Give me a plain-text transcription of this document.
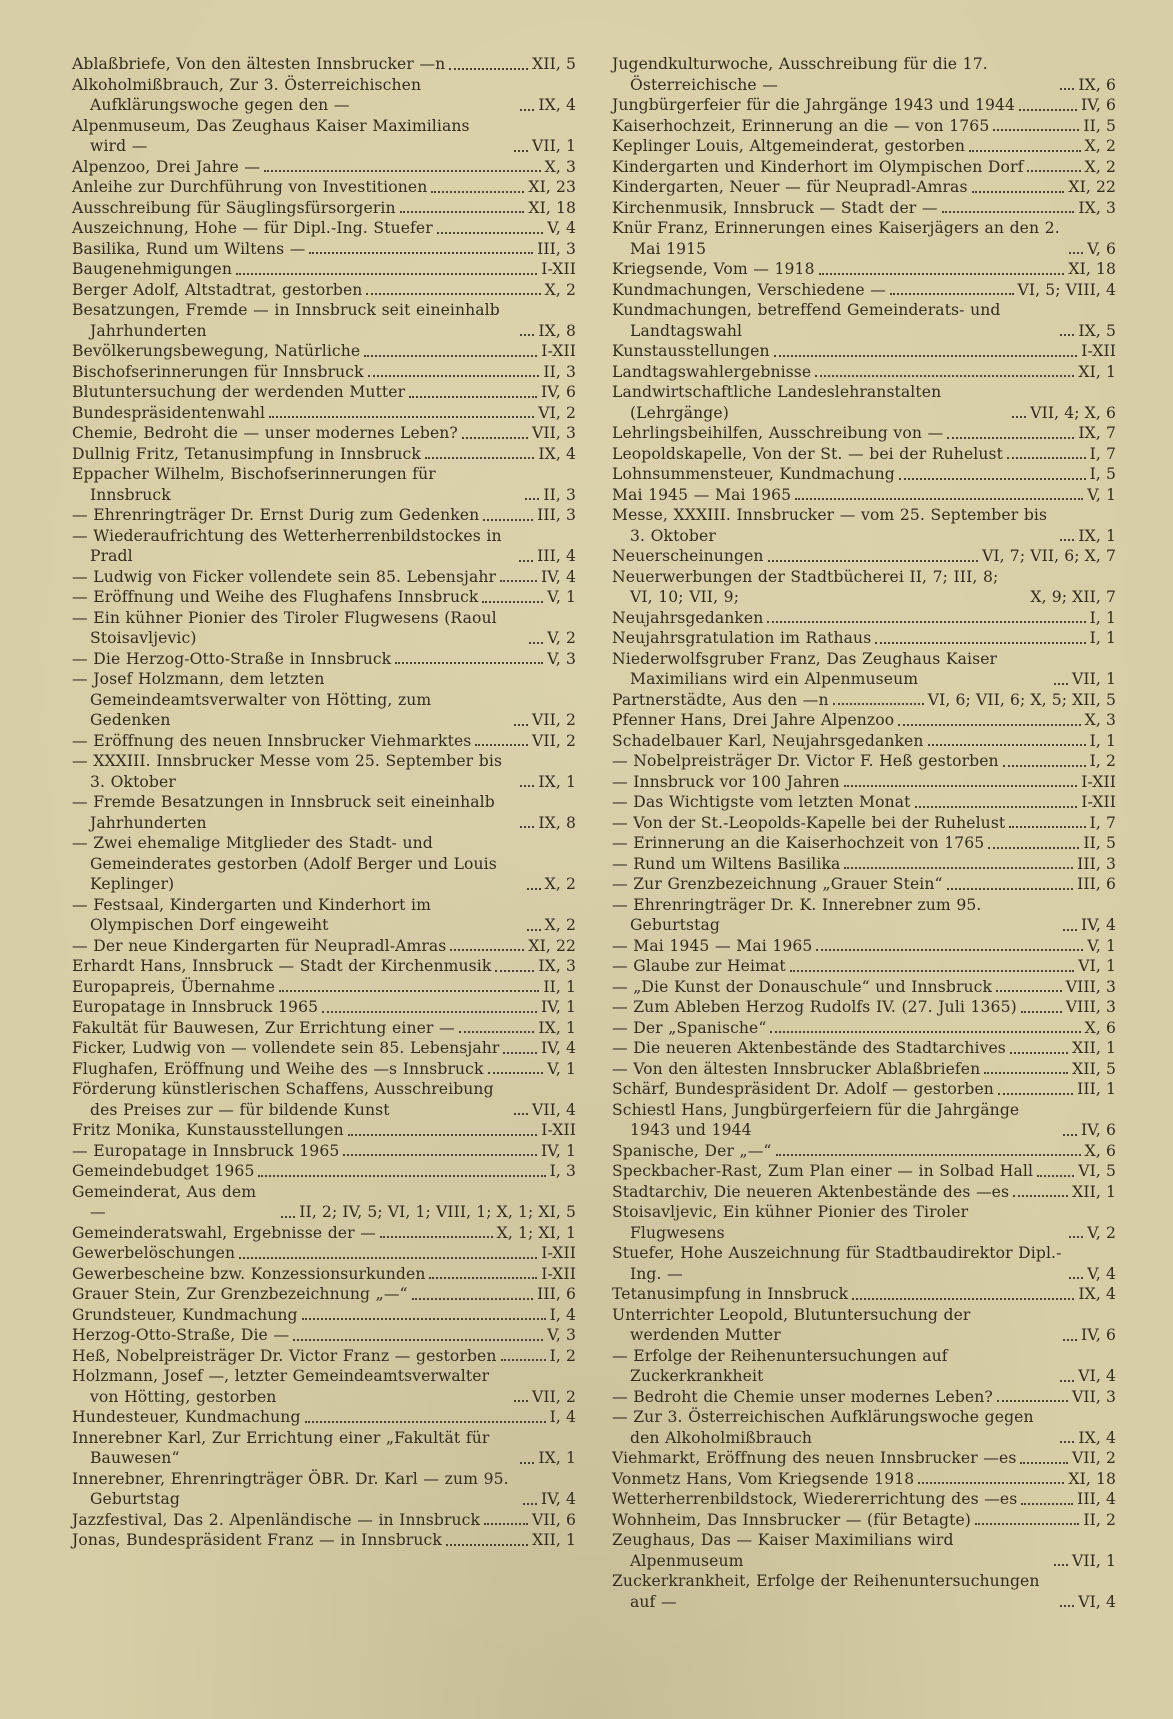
Ablaßbriefe, Von den ältesten Innsbrucker —n	XII, 5
Alkoholmißbrauch, Zur 3. Österreichischen Aufklärungswoche gegen den —	IX, 4
Alpenmuseum, Das Zeughaus Kaiser Maximilians wird —	VII, 1
Alpenzoo, Drei Jahre —	X, 3
Anleihe zur Durchführung von Investitionen	XI, 23
Ausschreibung für Säuglingsfürsorgerin	XI, 18
Auszeichnung, Hohe — für Dipl.-Ing. Stuefer	V, 4
Basilika, Rund um Wiltens —	III, 3
Baugenehmigungen	I-XII
Berger Adolf, Altstadtrat, gestorben	X, 2
Besatzungen, Fremde — in Innsbruck seit eineinhalb Jahrhunderten	IX, 8
Bevölkerungsbewegung, Natürliche	I-XII
Bischofserinnerungen für Innsbruck	II, 3
Blutuntersuchung der werdenden Mutter	IV, 6
Bundespräsidentenwahl	VI, 2
Chemie, Bedroht die — unser modernes Leben?	VII, 3
Dullnig Fritz, Tetanusimpfung in Innsbruck	IX, 4
Eppacher Wilhelm, Bischofserinnerungen für Innsbruck	II, 3
— Ehrenringträger Dr. Ernst Durig zum Gedenken	III, 3
— Wiederaufrichtung des Wetterherrenbildstockes in Pradl	III, 4
— Ludwig von Ficker vollendete sein 85. Lebensjahr	IV, 4
— Eröffnung und Weihe des Flughafens Innsbruck	V, 1
— Ein kühner Pionier des Tiroler Flugwesens (Raoul Stoisavljevic)	V, 2
— Die Herzog-Otto-Straße in Innsbruck	V, 3
— Josef Holzmann, dem letzten Gemeindeamtsverwalter von Hötting, zum Gedenken	VII, 2
— Eröffnung des neuen Innsbrucker Viehmarktes	VII, 2
— XXXIII. Innsbrucker Messe vom 25. September bis 3. Oktober	IX, 1
— Fremde Besatzungen in Innsbruck seit eineinhalb Jahrhunderten	IX, 8
— Zwei ehemalige Mitglieder des Stadt- und Gemeinderates gestorben (Adolf Berger und Louis Keplinger)	X, 2
— Festsaal, Kindergarten und Kinderhort im Olympischen Dorf eingeweiht	X, 2
— Der neue Kindergarten für Neupradl-Amras	XI, 22
Erhardt Hans, Innsbruck — Stadt der Kirchenmusik	IX, 3
Europapreis, Übernahme	II, 1
Europatage in Innsbruck 1965	IV, 1
Fakultät für Bauwesen, Zur Errichtung einer —	IX, 1
Ficker, Ludwig von — vollendete sein 85. Lebensjahr	IV, 4
Flughafen, Eröffnung und Weihe des —s Innsbruck	V, 1
Förderung künstlerischen Schaffens, Ausschreibung des Preises zur — für bildende Kunst	VII, 4
Fritz Monika, Kunstausstellungen	I-XII
— Europatage in Innsbruck 1965	IV, 1
Gemeindebudget 1965	I, 3
Gemeinderat, Aus dem —	II, 2; IV, 5; VI, 1; VIII, 1; X, 1; XI, 5
Gemeinderatswahl, Ergebnisse der —	X, 1; XI, 1
Gewerbelöschungen	I-XII
Gewerbescheine bzw. Konzessionsurkunden	I-XII
Grauer Stein, Zur Grenzbezeichnung „—“	III, 6
Grundsteuer, Kundmachung	I, 4
Herzog-Otto-Straße, Die —	V, 3
Heß, Nobelpreisträger Dr. Victor Franz — gestorben	I, 2
Holzmann, Josef —, letzter Gemeindeamtsverwalter von Hötting, gestorben	VII, 2
Hundesteuer, Kundmachung	I, 4
Innerebner Karl, Zur Errichtung einer „Fakultät für Bauwesen“	IX, 1
Innerebner, Ehrenringträger ÖBR. Dr. Karl — zum 95. Geburtstag	IV, 4
Jazzfestival, Das 2. Alpenländische — in Innsbruck	VII, 6
Jonas, Bundespräsident Franz — in Innsbruck	XII, 1
Jugendkulturwoche, Ausschreibung für die 17. Österreichische —	IX, 6
Jungbürgerfeier für die Jahrgänge 1943 und 1944	IV, 6
Kaiserhochzeit, Erinnerung an die — von 1765	II, 5
Keplinger Louis, Altgemeinderat, gestorben	X, 2
Kindergarten und Kinderhort im Olympischen Dorf	X, 2
Kindergarten, Neuer — für Neupradl-Amras	XI, 22
Kirchenmusik, Innsbruck — Stadt der —	IX, 3
Knür Franz, Erinnerungen eines Kaiserjägers an den 2. Mai 1915	V, 6
Kriegsende, Vom — 1918	XI, 18
Kundmachungen, Verschiedene —	VI, 5; VIII, 4
Kundmachungen, betreffend Gemeinderats- und Landtagswahl	IX, 5
Kunstausstellungen	I-XII
Landtagswahlergebnisse	XI, 1
Landwirtschaftliche Landeslehranstalten (Lehrgänge)	VII, 4; X, 6
Lehrlingsbeihilfen, Ausschreibung von —	IX, 7
Leopoldskapelle, Von der St. — bei der Ruhelust	I, 7
Lohnsummensteuer, Kundmachung	I, 5
Mai 1945 — Mai 1965	V, 1
Messe, XXXIII. Innsbrucker — vom 25. September bis 3. Oktober	IX, 1
Neuerscheinungen	VI, 7; VII, 6; X, 7
Neuerwerbungen der Stadtbücherei II, 7; III, 8; VI, 10; VII, 9;	X, 9; XII, 7
Neujahrsgedanken	I, 1
Neujahrsgratulation im Rathaus	I, 1
Niederwolfsgruber Franz, Das Zeughaus Kaiser Maximilians wird ein Alpenmuseum	VII, 1
Partnerstädte, Aus den —n	VI, 6; VII, 6; X, 5; XII, 5
Pfenner Hans, Drei Jahre Alpenzoo	X, 3
Schadelbauer Karl, Neujahrsgedanken	I, 1
— Nobelpreisträger Dr. Victor F. Heß gestorben	I, 2
— Innsbruck vor 100 Jahren	I-XII
— Das Wichtigste vom letzten Monat	I-XII
— Von der St.-Leopolds-Kapelle bei der Ruhelust	I, 7
— Erinnerung an die Kaiserhochzeit von 1765	II, 5
— Rund um Wiltens Basilika	III, 3
— Zur Grenzbezeichnung „Grauer Stein“	III, 6
— Ehrenringträger Dr. K. Innerebner zum 95. Geburtstag	IV, 4
— Mai 1945 — Mai 1965	V, 1
— Glaube zur Heimat	VI, 1
— „Die Kunst der Donauschule“ und Innsbruck	VIII, 3
— Zum Ableben Herzog Rudolfs IV. (27. Juli 1365)	VIII, 3
— Der „Spanische“	X, 6
— Die neueren Aktenbestände des Stadtarchives	XII, 1
— Von den ältesten Innsbrucker Ablaßbriefen	XII, 5
Schärf, Bundespräsident Dr. Adolf — gestorben	III, 1
Schiestl Hans, Jungbürgerfeiern für die Jahrgänge 1943 und 1944	IV, 6
Spanische, Der „—“	X, 6
Speckbacher-Rast, Zum Plan einer — in Solbad Hall	VI, 5
Stadtarchiv, Die neueren Aktenbestände des —es	XII, 1
Stoisavljevic, Ein kühner Pionier des Tiroler Flugwesens	V, 2
Stuefer, Hohe Auszeichnung für Stadtbaudirektor Dipl.-Ing. —	V, 4
Tetanusimpfung in Innsbruck	IX, 4
Unterrichter Leopold, Blutuntersuchung der werdenden Mutter	IV, 6
— Erfolge der Reihenuntersuchungen auf Zuckerkrankheit	VI, 4
— Bedroht die Chemie unser modernes Leben?	VII, 3
— Zur 3. Österreichischen Aufklärungswoche gegen den Alkoholmißbrauch	IX, 4
Viehmarkt, Eröffnung des neuen Innsbrucker —es	VII, 2
Vonmetz Hans, Vom Kriegsende 1918	XI, 18
Wetterherrenbildstock, Wiedererrichtung des —es	III, 4
Wohnheim, Das Innsbrucker — (für Betagte)	II, 2
Zeughaus, Das — Kaiser Maximilians wird Alpenmuseum	VII, 1
Zuckerkrankheit, Erfolge der Reihenuntersuchungen auf —	VI, 4
